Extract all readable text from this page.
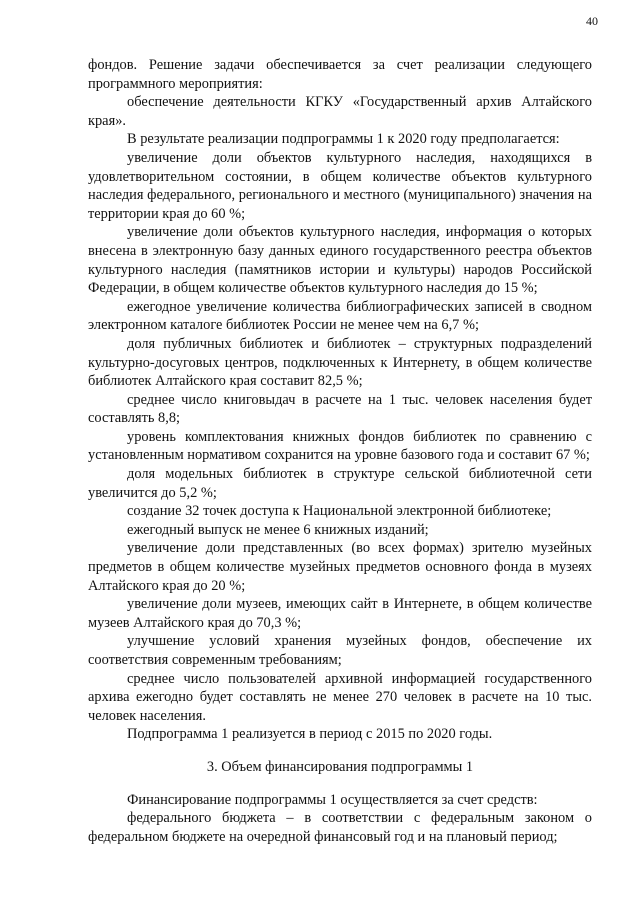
40

фондов. Решение задачи обеспечивается за счет реализации следующего программного мероприятия:

обеспечение деятельности КГКУ «Государственный архив Алтайского края».

В результате реализации подпрограммы 1 к 2020 году предполагается:

увеличение доли объектов культурного наследия, находящихся в удовлетворительном состоянии, в общем количестве объектов культурного наследия федерального, регионального и местного (муниципального) значения на территории края до 60 %;

увеличение доли объектов культурного наследия, информация о которых внесена в электронную базу данных единого государственного реестра объектов культурного наследия (памятников истории и культуры) народов Российской Федерации, в общем количестве объектов культурного наследия до 15 %;

ежегодное увеличение количества библиографических записей в сводном электронном каталоге библиотек России не менее чем на 6,7 %;

доля публичных библиотек и библиотек – структурных подразделений культурно-досуговых центров, подключенных к Интернету, в общем количестве библиотек Алтайского края составит 82,5 %;

среднее число книговыдач в расчете на 1 тыс. человек населения будет составлять 8,8;

уровень комплектования книжных фондов библиотек по сравнению с установленным нормативом сохранится на уровне базового года и составит 67 %;

доля модельных библиотек в структуре сельской библиотечной сети увеличится до 5,2 %;

создание 32 точек доступа к Национальной электронной библиотеке;

ежегодный выпуск не менее 6 книжных изданий;

увеличение доли представленных (во всех формах) зрителю музейных предметов в общем количестве музейных предметов основного фонда в музеях Алтайского края до 20 %;

увеличение доли музеев, имеющих сайт в Интернете, в общем количестве музеев Алтайского края до 70,3 %;

улучшение условий хранения музейных фондов, обеспечение их соответствия современным требованиям;

среднее число пользователей архивной информацией государственного архива ежегодно будет составлять не менее 270 человек в расчете на 10 тыс. человек населения.

Подпрограмма 1 реализуется в период с 2015 по 2020 годы.

3. Объем финансирования подпрограммы 1

Финансирование подпрограммы 1 осуществляется за счет средств:

федерального бюджета – в соответствии с федеральным законом о федеральном бюджете на очередной финансовый год и на плановый период;
